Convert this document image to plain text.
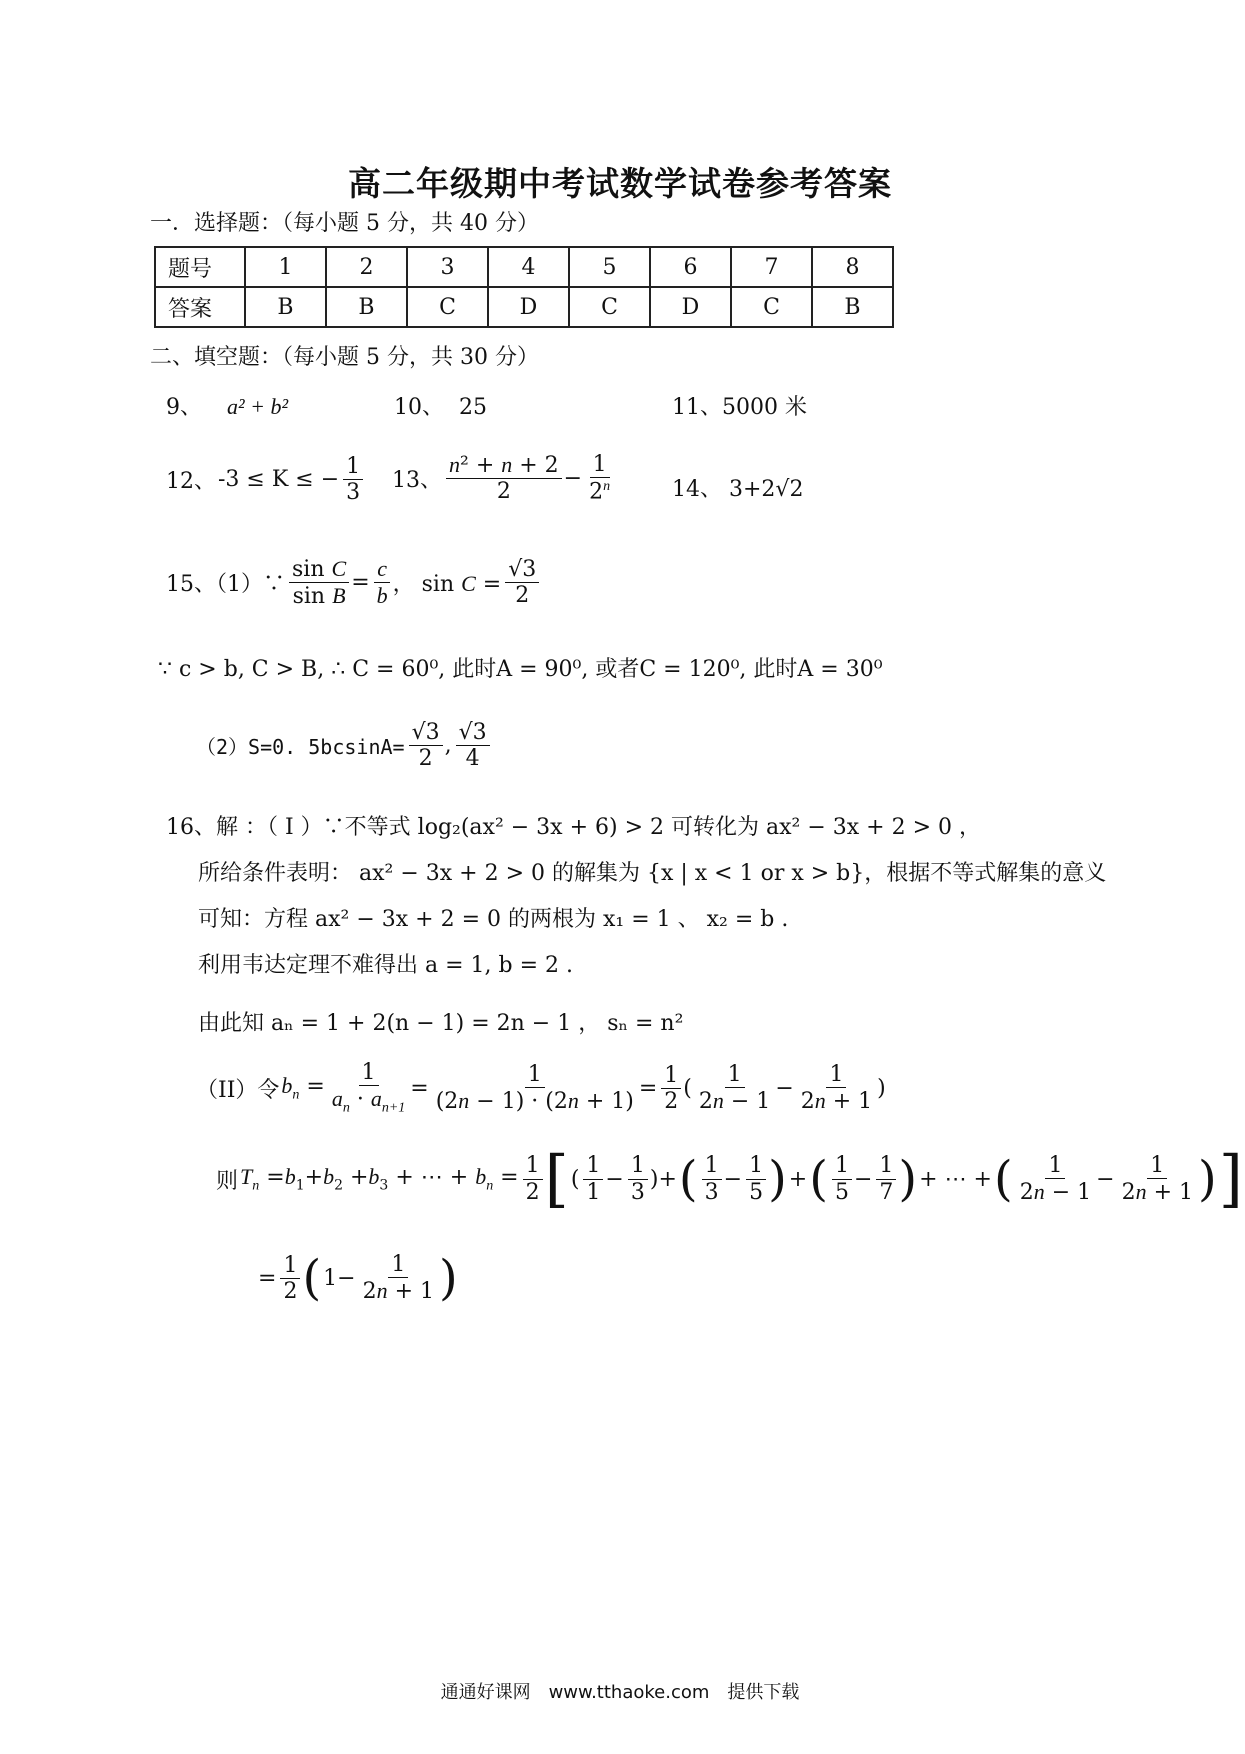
高二年级期中考试数学试卷参考答案
一．选择题：（每小题 5 分，共 40 分）
题号	1	2	3	4	5	6	7	8
答案	B	B	C	D	C	D	C	B
二、填空题：（每小题 5 分，共 30 分）
9、 a² + b²	10、 25	11、5000 米
12、 -3 ≤ K ≤ − $\frac{1}{3} 13$、 $\frac{\text{n² + n + 2}}{2} - \frac{1}{2^n}$	14、 3+2√2
15、（1）∵ $\frac{\text{sin C}}{\text{sin B}} = \frac{c}{b}$ ， $\sin C = \frac{√3}{2}$
∵ c > b, C > B, ∴ C = 60⁰, 此时A = 90⁰, 或者C = 120⁰, 此时A = 30⁰
（2）S=0. $5bcsinA= \frac{√3}{2}$ , $\frac{√3}{4}$
16、解 ：（ I ）∵不等式 log₂(ax² − 3x + 6) > 2 可转化为 ax² − 3x + 2 > 0 ，
所给条件表明： ax² − 3x + 2 > 0 的解集为 {x | x < 1 or x > b}，根据不等式解集的意义
可知：方程 ax² − 3x + 2 = 0 的两根为 x₁ = 1 、 x₂ = b .
利用韦达定理不难得出 a = 1, b = 2 .
由此知 aₙ = 1 + 2(n − 1) = 2n − 1 ， sₙ = n²
（II）令 $b_n = \frac{1}{a_n \cdot a_{n+1}} = \frac{1}{(2n - 1) \cdot (2n + 1)} = \frac{1}{2}$ ( $\frac{1}{2n - 1} - \frac{1}{2n + 1}$ )
则 $T_n =b_1+b_2 +b_3$ + ⋯ + $b_n = \frac{1}{2}$ [ ( $\frac{1}{1} - \frac{1}{3}$ )+ ( $\frac{1}{3} - \frac{1}{5}$ ) + ( $\frac{1}{5} - \frac{1}{7}$ ) + ⋯ + ( $\frac{1}{2n - 1} - \frac{1}{2n + 1}$ ) ]
= $\frac{1}{2}$ ( $1- \frac{1}{2n + 1}$ )
通通好课网　www.tthaoke.com　提供下载
